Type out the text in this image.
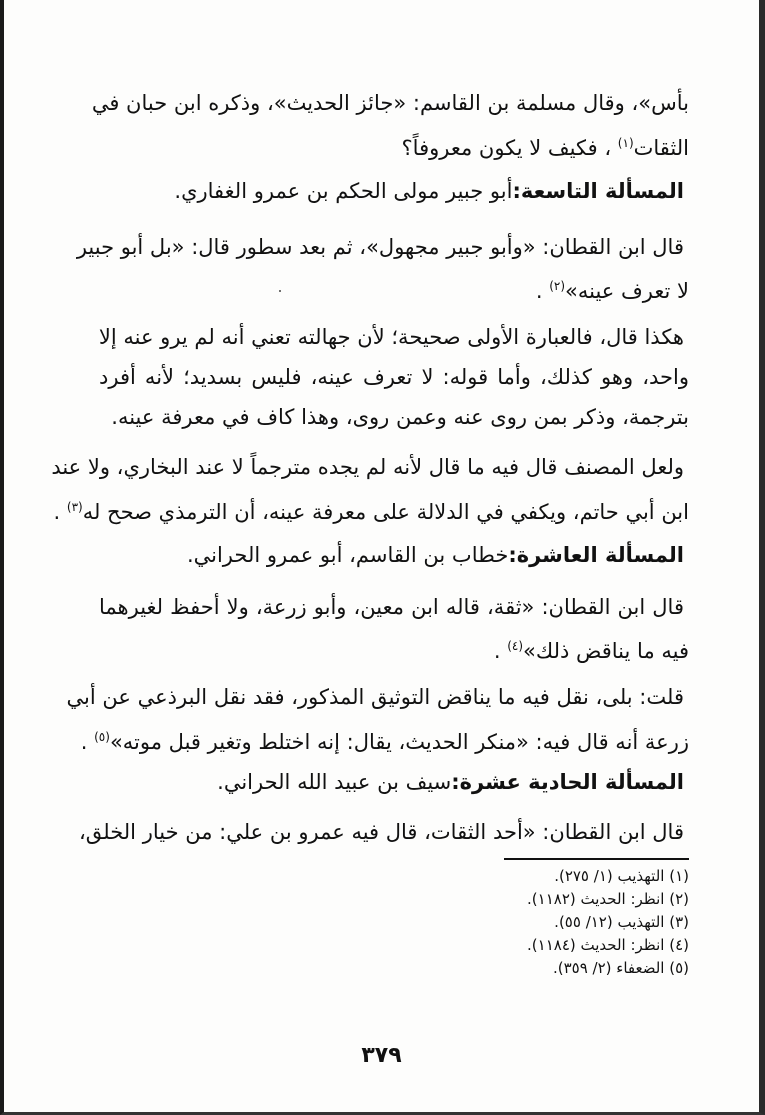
بأس»، وقال مسلمة بن القاسم: «جائز الحديث»، وذكره ابن حبان في
الثقات$^{(١)}$ ، فكيف لا يكون معروفاً؟
المسألة التاسعة:أبو جبير مولى الحكم بن عمرو الغفاري.
قال ابن القطان: «وأبو جبير مجهول»، ثم بعد سطور قال: «بل أبو جبير
لا تعرف عينه»$^{(٢)}$ .
هكذا قال، فالعبارة الأولى صحيحة؛ لأن جهالته تعني أنه لم يرو عنه إلا
واحد، وهو كذلك، وأما قوله: لا تعرف عينه، فليس بسديد؛ لأنه أفرد
بترجمة، وذكر بمن روى عنه وعمن روى، وهذا كاف في معرفة عينه.
ولعل المصنف قال فيه ما قال لأنه لم يجده مترجماً لا عند البخاري، ولا عند
ابن أبي حاتم، ويكفي في الدلالة على معرفة عينه، أن الترمذي صحح له$^{(٣)}$ .
المسألة العاشرة:خطاب بن القاسم، أبو عمرو الحراني.
قال ابن القطان: «ثقة، قاله ابن معين، وأبو زرعة، ولا أحفظ لغيرهما
فيه ما يناقض ذلك»$^{(٤)}$ .
قلت: بلى، نقل فيه ما يناقض التوثيق المذكور، فقد نقل البرذعي عن أبي
زرعة أنه قال فيه: «منكر الحديث، يقال: إنه اختلط وتغير قبل موته»$^{(٥)}$ .
المسألة الحادية عشرة:سيف بن عبيد الله الحراني.
قال ابن القطان: «أحد الثقات، قال فيه عمرو بن علي: من خيار الخلق،
(١) التهذيب (١/ ٢٧٥).
(٢) انظر: الحديث (١١٨٢).
(٣) التهذيب (١٢/ ٥٥).
(٤) انظر: الحديث (١١٨٤).
(٥) الضعفاء (٢/ ٣٥٩).
٣٧٩
